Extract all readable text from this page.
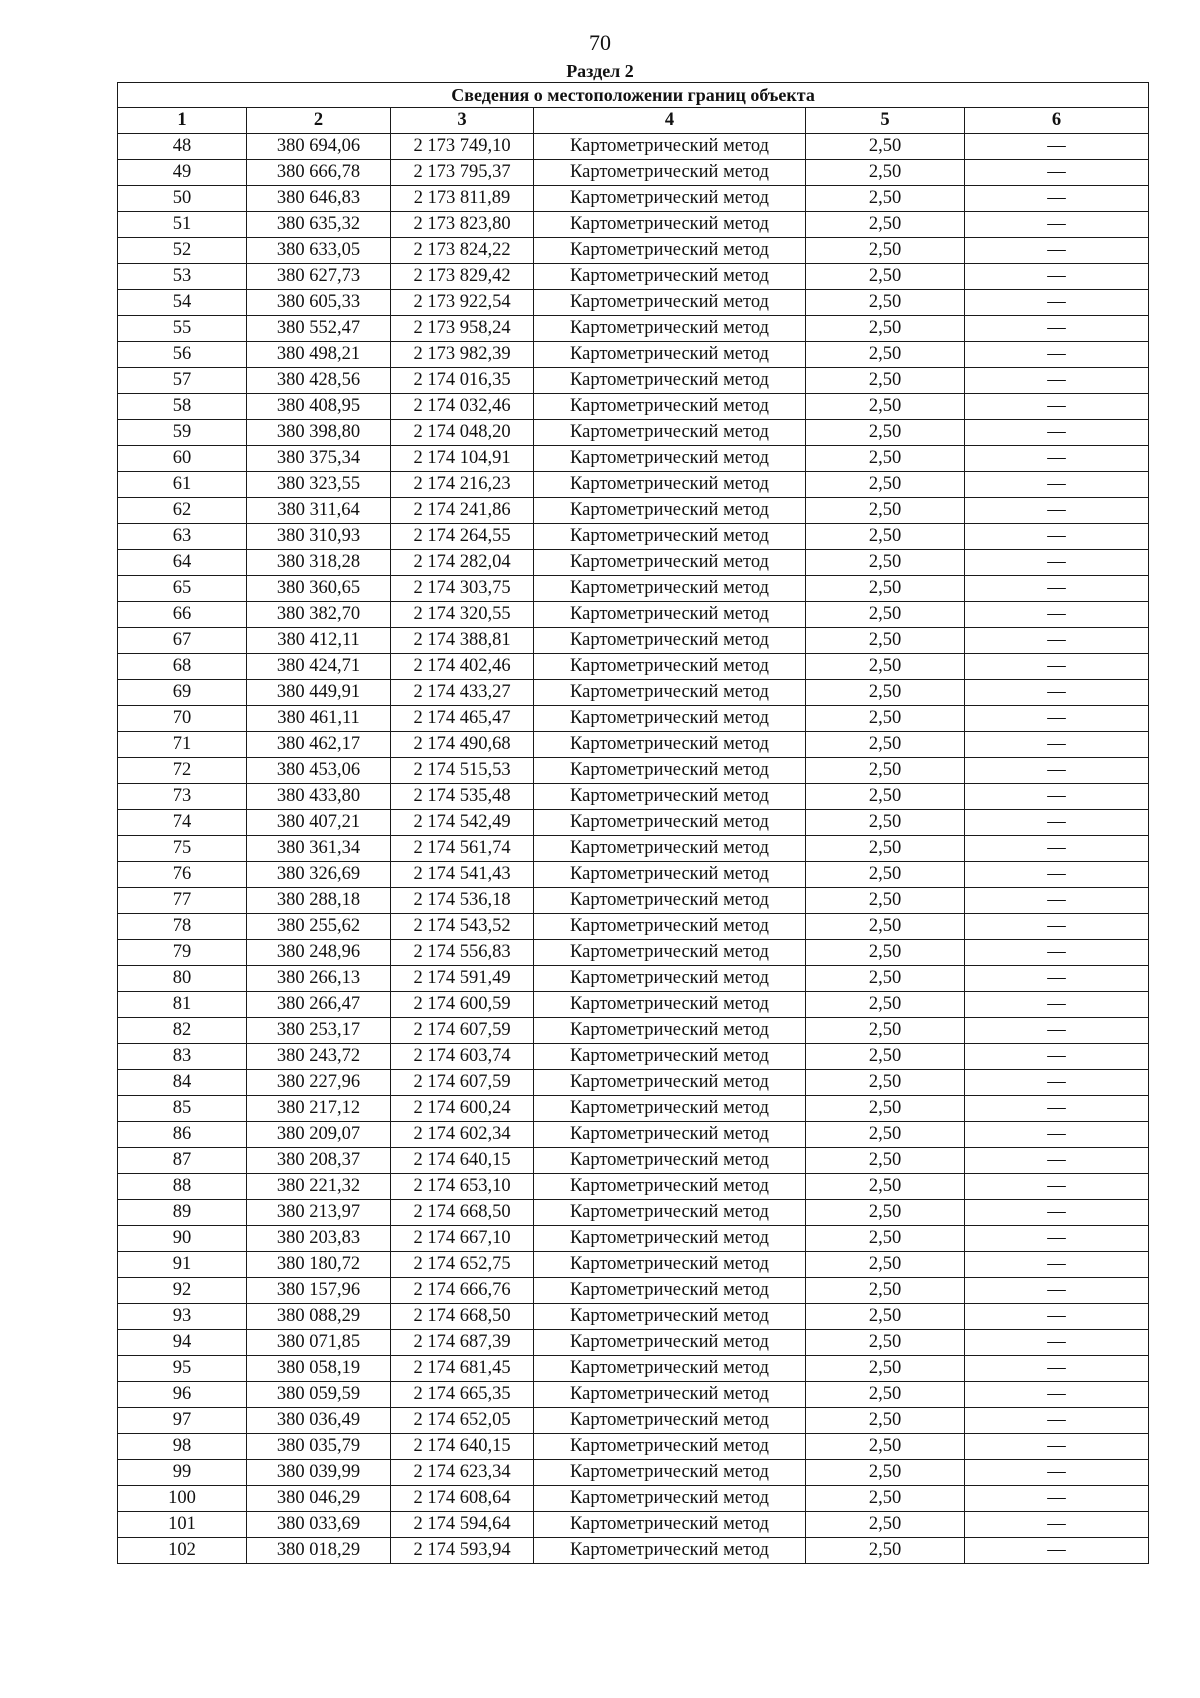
70
Раздел 2
Сведения о местоположении границ объекта					
1	2	3	4	5	6
48	380 694,06	2 173 749,10	Картометрический метод	2,50	—
49	380 666,78	2 173 795,37	Картометрический метод	2,50	—
50	380 646,83	2 173 811,89	Картометрический метод	2,50	—
51	380 635,32	2 173 823,80	Картометрический метод	2,50	—
52	380 633,05	2 173 824,22	Картометрический метод	2,50	—
53	380 627,73	2 173 829,42	Картометрический метод	2,50	—
54	380 605,33	2 173 922,54	Картометрический метод	2,50	—
55	380 552,47	2 173 958,24	Картометрический метод	2,50	—
56	380 498,21	2 173 982,39	Картометрический метод	2,50	—
57	380 428,56	2 174 016,35	Картометрический метод	2,50	—
58	380 408,95	2 174 032,46	Картометрический метод	2,50	—
59	380 398,80	2 174 048,20	Картометрический метод	2,50	—
60	380 375,34	2 174 104,91	Картометрический метод	2,50	—
61	380 323,55	2 174 216,23	Картометрический метод	2,50	—
62	380 311,64	2 174 241,86	Картометрический метод	2,50	—
63	380 310,93	2 174 264,55	Картометрический метод	2,50	—
64	380 318,28	2 174 282,04	Картометрический метод	2,50	—
65	380 360,65	2 174 303,75	Картометрический метод	2,50	—
66	380 382,70	2 174 320,55	Картометрический метод	2,50	—
67	380 412,11	2 174 388,81	Картометрический метод	2,50	—
68	380 424,71	2 174 402,46	Картометрический метод	2,50	—
69	380 449,91	2 174 433,27	Картометрический метод	2,50	—
70	380 461,11	2 174 465,47	Картометрический метод	2,50	—
71	380 462,17	2 174 490,68	Картометрический метод	2,50	—
72	380 453,06	2 174 515,53	Картометрический метод	2,50	—
73	380 433,80	2 174 535,48	Картометрический метод	2,50	—
74	380 407,21	2 174 542,49	Картометрический метод	2,50	—
75	380 361,34	2 174 561,74	Картометрический метод	2,50	—
76	380 326,69	2 174 541,43	Картометрический метод	2,50	—
77	380 288,18	2 174 536,18	Картометрический метод	2,50	—
78	380 255,62	2 174 543,52	Картометрический метод	2,50	—
79	380 248,96	2 174 556,83	Картометрический метод	2,50	—
80	380 266,13	2 174 591,49	Картометрический метод	2,50	—
81	380 266,47	2 174 600,59	Картометрический метод	2,50	—
82	380 253,17	2 174 607,59	Картометрический метод	2,50	—
83	380 243,72	2 174 603,74	Картометрический метод	2,50	—
84	380 227,96	2 174 607,59	Картометрический метод	2,50	—
85	380 217,12	2 174 600,24	Картометрический метод	2,50	—
86	380 209,07	2 174 602,34	Картометрический метод	2,50	—
87	380 208,37	2 174 640,15	Картометрический метод	2,50	—
88	380 221,32	2 174 653,10	Картометрический метод	2,50	—
89	380 213,97	2 174 668,50	Картометрический метод	2,50	—
90	380 203,83	2 174 667,10	Картометрический метод	2,50	—
91	380 180,72	2 174 652,75	Картометрический метод	2,50	—
92	380 157,96	2 174 666,76	Картометрический метод	2,50	—
93	380 088,29	2 174 668,50	Картометрический метод	2,50	—
94	380 071,85	2 174 687,39	Картометрический метод	2,50	—
95	380 058,19	2 174 681,45	Картометрический метод	2,50	—
96	380 059,59	2 174 665,35	Картометрический метод	2,50	—
97	380 036,49	2 174 652,05	Картометрический метод	2,50	—
98	380 035,79	2 174 640,15	Картометрический метод	2,50	—
99	380 039,99	2 174 623,34	Картометрический метод	2,50	—
100	380 046,29	2 174 608,64	Картометрический метод	2,50	—
101	380 033,69	2 174 594,64	Картометрический метод	2,50	—
102	380 018,29	2 174 593,94	Картометрический метод	2,50	—
